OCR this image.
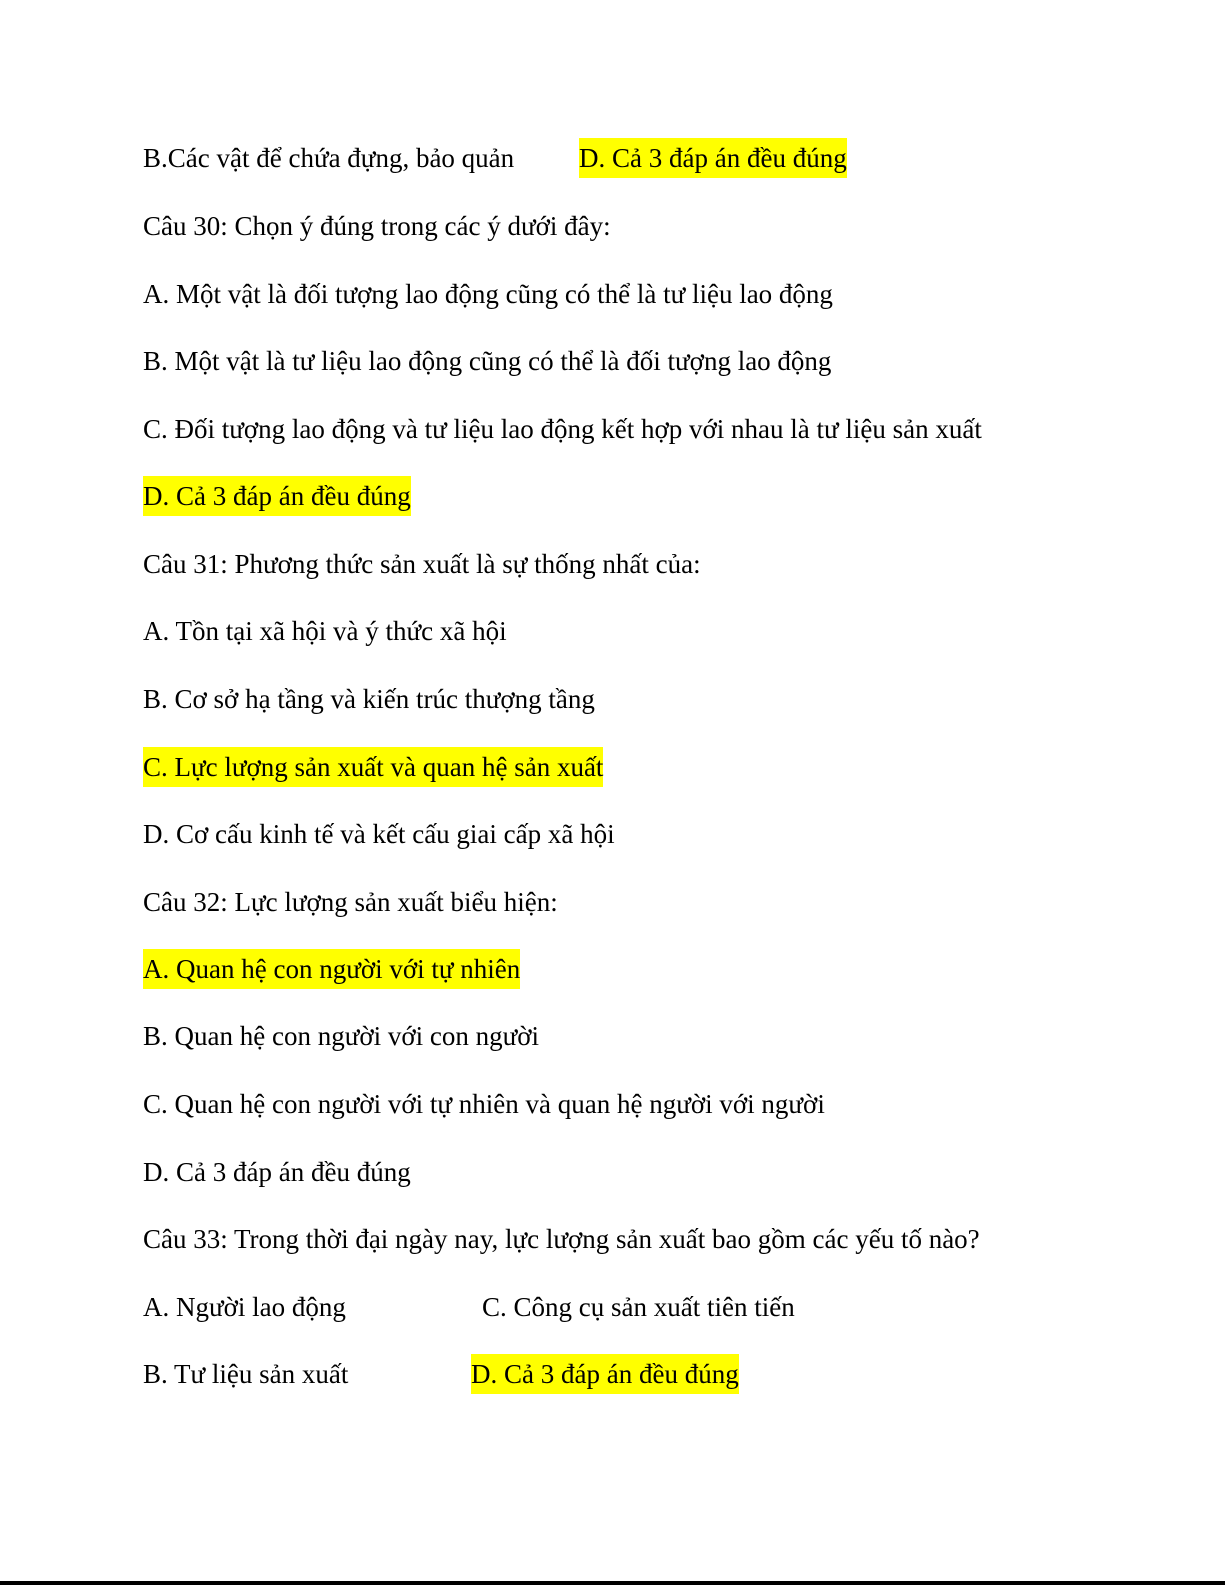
B.Các vật để chứa đựng, bảo quản D. Cả 3 đáp án đều đúng
Câu 30: Chọn ý đúng trong các ý dưới đây:
A. Một vật là đối tượng lao động cũng có thể là tư liệu lao động
B. Một vật là tư liệu lao động cũng có thể là đối tượng lao động
C. Đối tượng lao động và tư liệu lao động kết hợp với nhau là tư liệu sản xuất
D. Cả 3 đáp án đều đúng
Câu 31: Phương thức sản xuất là sự thống nhất của:
A. Tồn tại xã hội và ý thức xã hội
B. Cơ sở hạ tầng và kiến trúc thượng tầng
C. Lực lượng sản xuất và quan hệ sản xuất
D. Cơ cấu kinh tế và kết cấu giai cấp xã hội
Câu 32: Lực lượng sản xuất biểu hiện:
A. Quan hệ con người với tự nhiên
B. Quan hệ con người với con người
C. Quan hệ con người với tự nhiên và quan hệ người với người
D. Cả 3 đáp án đều đúng
Câu 33: Trong thời đại ngày nay, lực lượng sản xuất bao gồm các yếu tố nào?
A. Người lao động	C. Công cụ sản xuất tiên tiến
B. Tư liệu sản xuất	D. Cả 3 đáp án đều đúng
